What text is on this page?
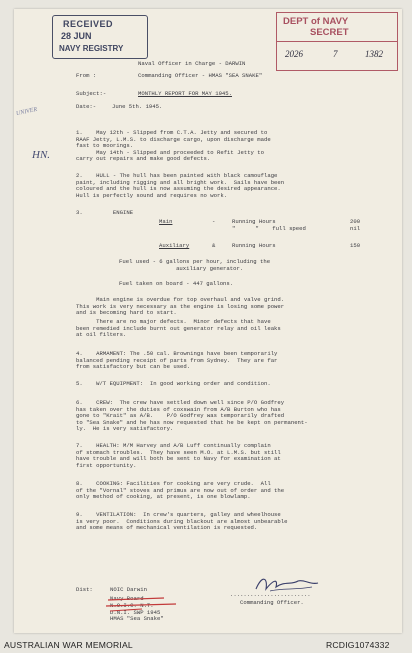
RECEIVED
28 JUN
NAVY REGISTRY
DEPT of NAVY
SECRET
2026	7	1382
UNIVER
HN.
Naval Officer in Charge - DARWIN
From :	Commanding Officer - HMAS "SEA SNAKE"
Subject:-	MONTHLY REPORT FOR MAY 1945.
Date:-	June 5th. 1945.
1.    May 12th - Slipped from C.T.A. Jetty and secured to
RAAF Jetty, L.M.S. to discharge cargo, upon discharge made
fast to moorings.
May 14th - Slipped and proceeded to Refit Jetty to
carry out repairs and make good defects.
2.    HULL - The hull has been painted with black camouflage
paint, including rigging and all bright work.  Sails have been
coloured and the hull is now assuming the desired appearance.
Hull is perfectly sound and requires no work.
3.         ENGINE
Main	-	Running Hours	200
"      "    full speed	nil
Auxiliary	&	Running Hours	150
Fuel used - 6 gallons per hour, including the
auxiliary generator.
Fuel taken on board - 447 gallons.
Main engine is overdue for top overhaul and valve grind.
This work is very necessary as the engine is losing some power
and is becoming hard to start.
There are no major defects.  Minor defects that have
been remedied include burnt out generator relay and oil leaks
at oil filters.
4.    ARMAMENT: The .50 cal. Brownings have been temporarily
balanced pending receipt of parts from Sydney.  They are far
from satisfactory but can be used.
5.    W/T EQUIPMENT:  In good working order and condition.
6.    CREW:  The crew have settled down well since P/O Godfrey
has taken over the duties of coxswain from A/B Burton who has
gone to "Krait" as A/B.    P/O Godfrey was temporarily drafted
to "Sea Snake" and he has now requested that he be kept on permanent-
ly.  He is very satisfactory.
7.    HEALTH: M/M Harvey and A/B Luff continually complain
of stomach troubles.  They have seen M.O. at L.M.S. but still
have trouble and will both be sent to Navy for examination at
first opportunity.
8.    COOKING: Facilities for cooking are very crude.  All
of the "Vornal" stoves and primus are now out of order and the
only method of cooking, at present, is one blowlamp.
9.    VENTILATION:  In crew's quarters, galley and wheelhouse
is very poor.  Conditions during blackout are almost unbearable
and some means of mechanical ventilation is requested.
Dist:	NOIC Darwin
Navy Board
N.O.I.C. N.T.
D.N.I. SWP 1945
HMAS "Sea Snake"
........................
Commanding Officer.
AUSTRALIAN WAR MEMORIAL	RCDIG1074332
